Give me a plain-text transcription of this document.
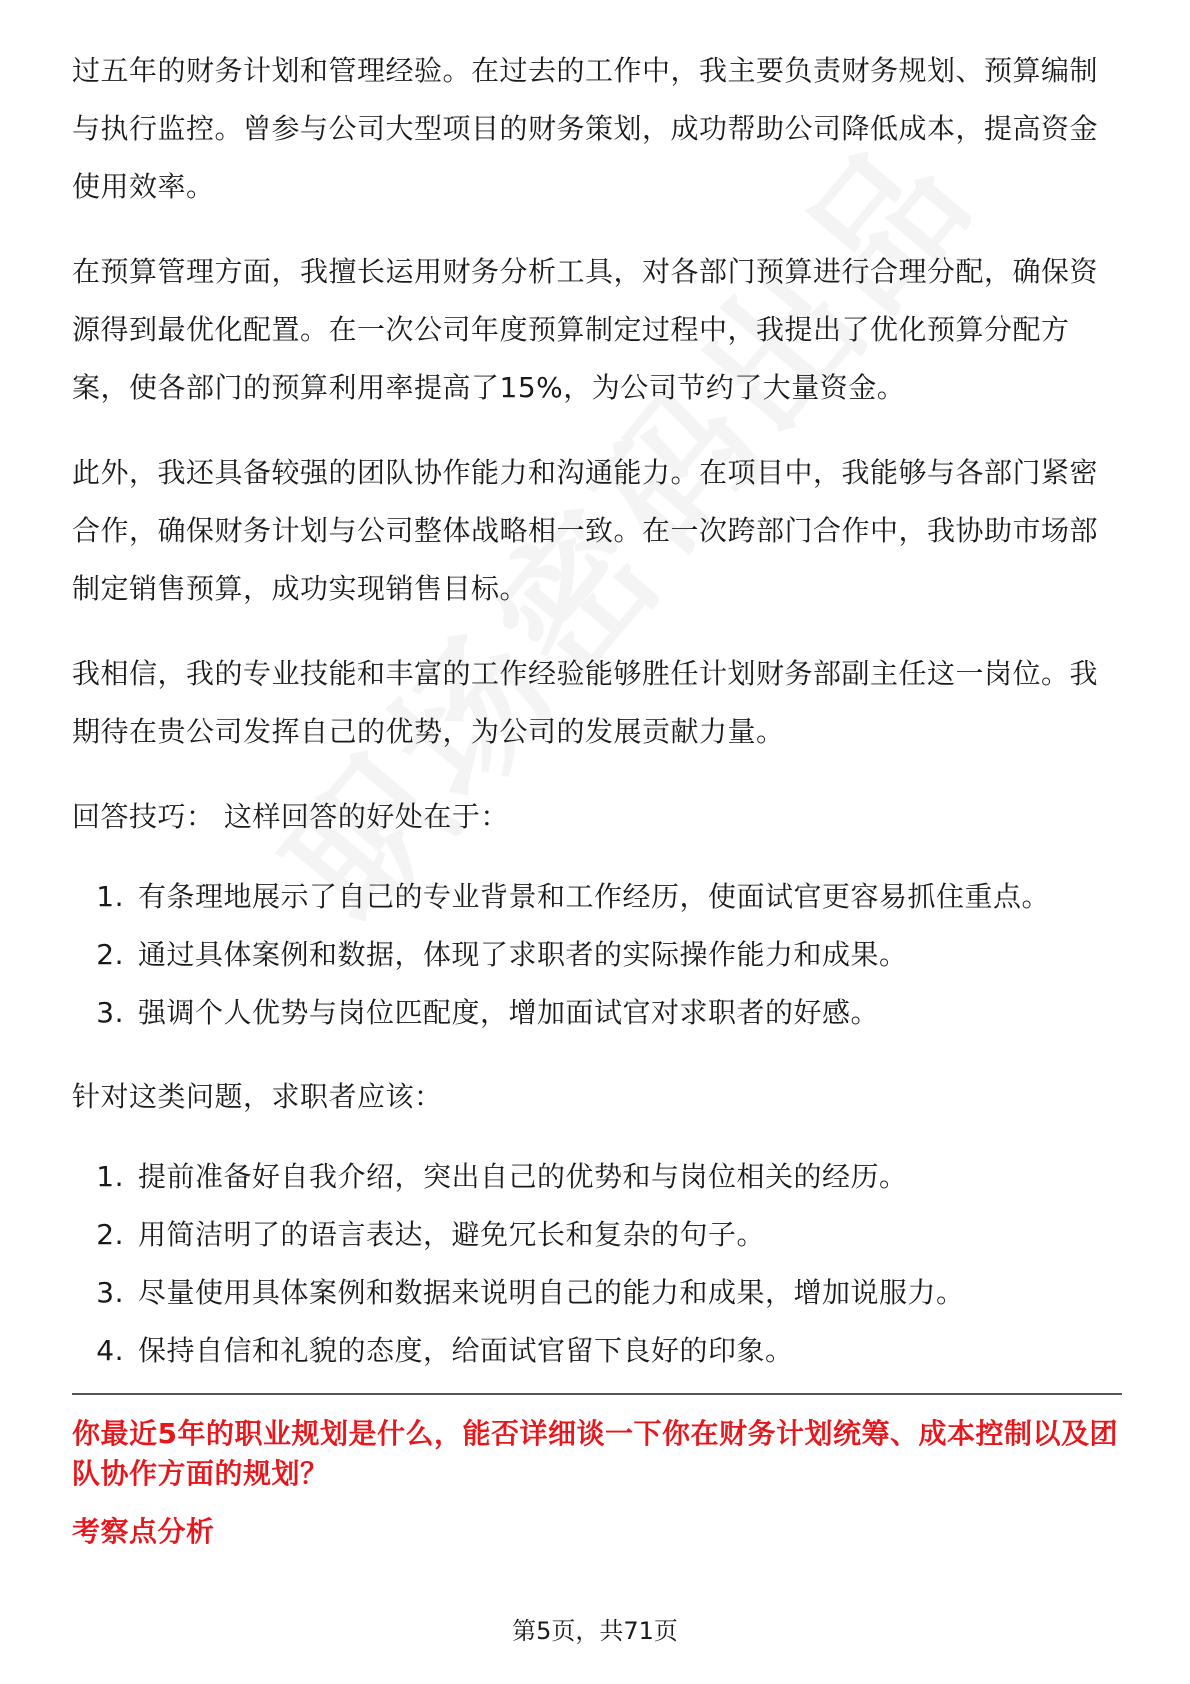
过五年的财务计划和管理经验。在过去的工作中，我主要负责财务规划、预算编制与执行监控。曾参与公司大型项目的财务策划，成功帮助公司降低成本，提高资金使用效率。

在预算管理方面，我擅长运用财务分析工具，对各部门预算进行合理分配，确保资源得到最优化配置。在一次公司年度预算制定过程中，我提出了优化预算分配方案，使各部门的预算利用率提高了15%，为公司节约了大量资金。

此外，我还具备较强的团队协作能力和沟通能力。在项目中，我能够与各部门紧密合作，确保财务计划与公司整体战略相一致。在一次跨部门合作中，我协助市场部制定销售预算，成功实现销售目标。

我相信，我的专业技能和丰富的工作经验能够胜任计划财务部副主任这一岗位。我期待在贵公司发挥自己的优势，为公司的发展贡献力量。

回答技巧： 这样回答的好处在于：

1. 有条理地展示了自己的专业背景和工作经历，使面试官更容易抓住重点。
2. 通过具体案例和数据，体现了求职者的实际操作能力和成果。
3. 强调个人优势与岗位匹配度，增加面试官对求职者的好感。

针对这类问题，求职者应该：

1. 提前准备好自我介绍，突出自己的优势和与岗位相关的经历。
2. 用简洁明了的语言表达，避免冗长和复杂的句子。
3. 尽量使用具体案例和数据来说明自己的能力和成果，增加说服力。
4. 保持自信和礼貌的态度，给面试官留下良好的印象。
你最近5年的职业规划是什么，能否详细谈一下你在财务计划统筹、成本控制以及团队协作方面的规划？
考察点分析
第5页，共71页
